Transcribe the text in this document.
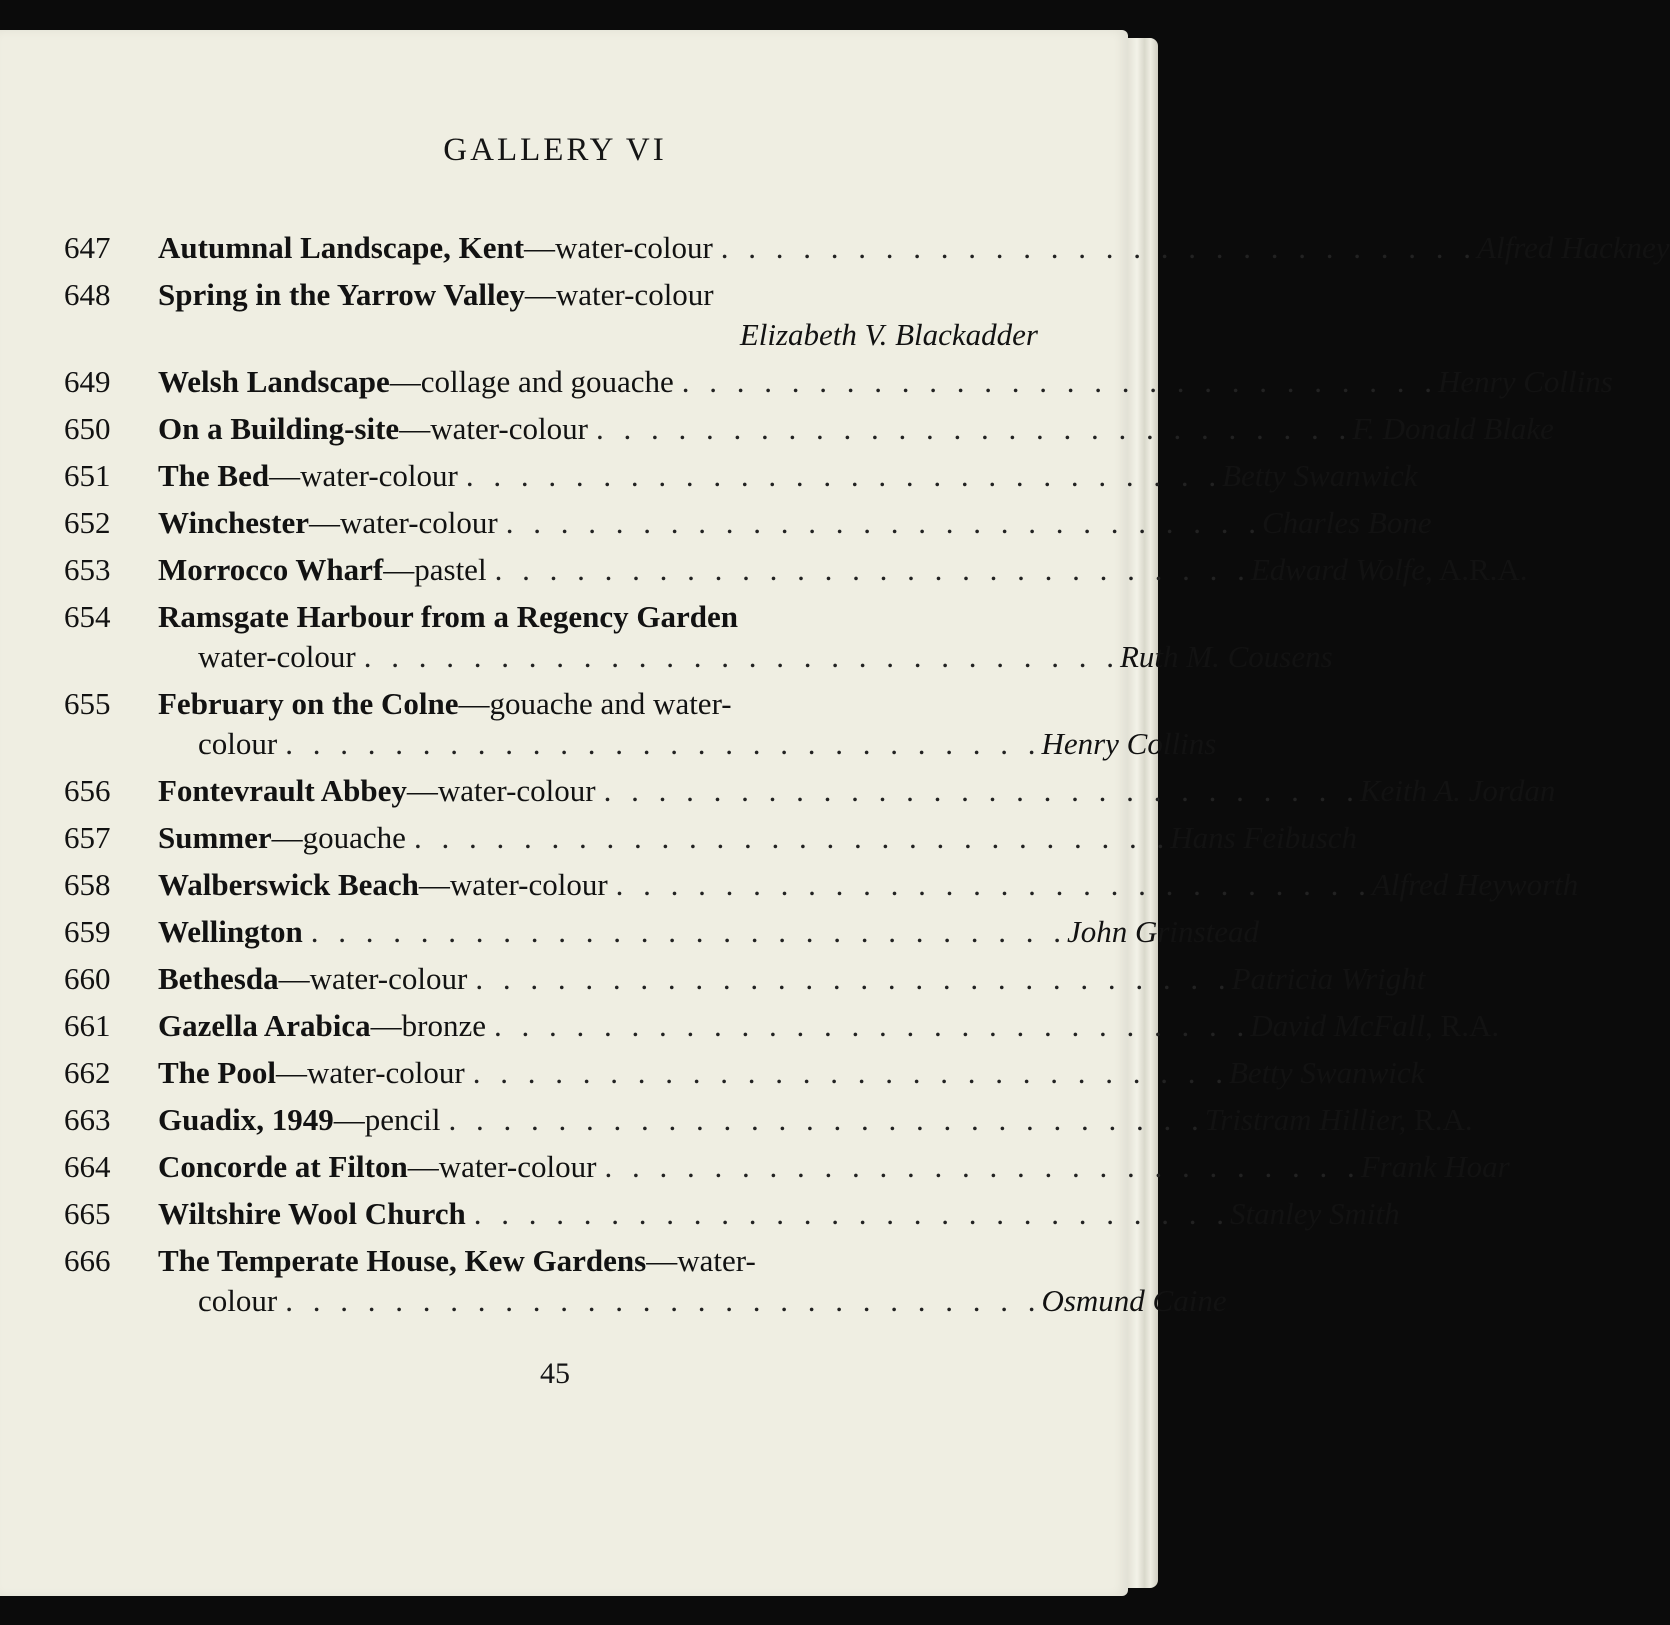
GALLERY VI
647	Autumnal Landscape, Kent — water-colour . . . . . . . . . . . . . . . . . . . . . . . . . . . . Alfred Hackney
648	Spring in the Yarrow Valley — water-colour
Elizabeth V. Blackadder
649	Welsh Landscape — collage and gouache . . . . . . . . . . . . . . . . . . . . . . . . . . . . Henry Collins
650	On a Building-site — water-colour . . . . . . . . . . . . . . . . . . . . . . . . . . . . F. Donald Blake
651	The Bed — water-colour . . . . . . . . . . . . . . . . . . . . . . . . . . . . Betty Swanwick
652	Winchester — water-colour . . . . . . . . . . . . . . . . . . . . . . . . . . . . Charles Bone
653	Morrocco Wharf — pastel . . . . . . . . . . . . . . . . . . . . . . . . . . . . Edward Wolfe, A.R.A.
654	Ramsgate Harbour from a Regency Garden
water-colour . . . . . . . . . . . . . . . . . . . . . . . . . . . . Ruth M. Cousens
655	February on the Colne — gouache and water-
colour . . . . . . . . . . . . . . . . . . . . . . . . . . . . Henry Collins
656	Fontevrault Abbey — water-colour . . . . . . . . . . . . . . . . . . . . . . . . . . . . Keith A. Jordan
657	Summer — gouache . . . . . . . . . . . . . . . . . . . . . . . . . . . . Hans Feibusch
658	Walberswick Beach — water-colour . . . . . . . . . . . . . . . . . . . . . . . . . . . . Alfred Heyworth
659	Wellington . . . . . . . . . . . . . . . . . . . . . . . . . . . . John Grinstead
660	Bethesda — water-colour . . . . . . . . . . . . . . . . . . . . . . . . . . . . Patricia Wright
661	Gazella Arabica — bronze . . . . . . . . . . . . . . . . . . . . . . . . . . . . David McFall, R.A.
662	The Pool — water-colour . . . . . . . . . . . . . . . . . . . . . . . . . . . . Betty Swanwick
663	Guadix, 1949 — pencil . . . . . . . . . . . . . . . . . . . . . . . . . . . . Tristram Hillier, R.A.
664	Concorde at Filton — water-colour . . . . . . . . . . . . . . . . . . . . . . . . . . . . Frank Hoar
665	Wiltshire Wool Church . . . . . . . . . . . . . . . . . . . . . . . . . . . . Stanley Smith
666	The Temperate House, Kew Gardens — water-
colour . . . . . . . . . . . . . . . . . . . . . . . . . . . . Osmund Caine
45
